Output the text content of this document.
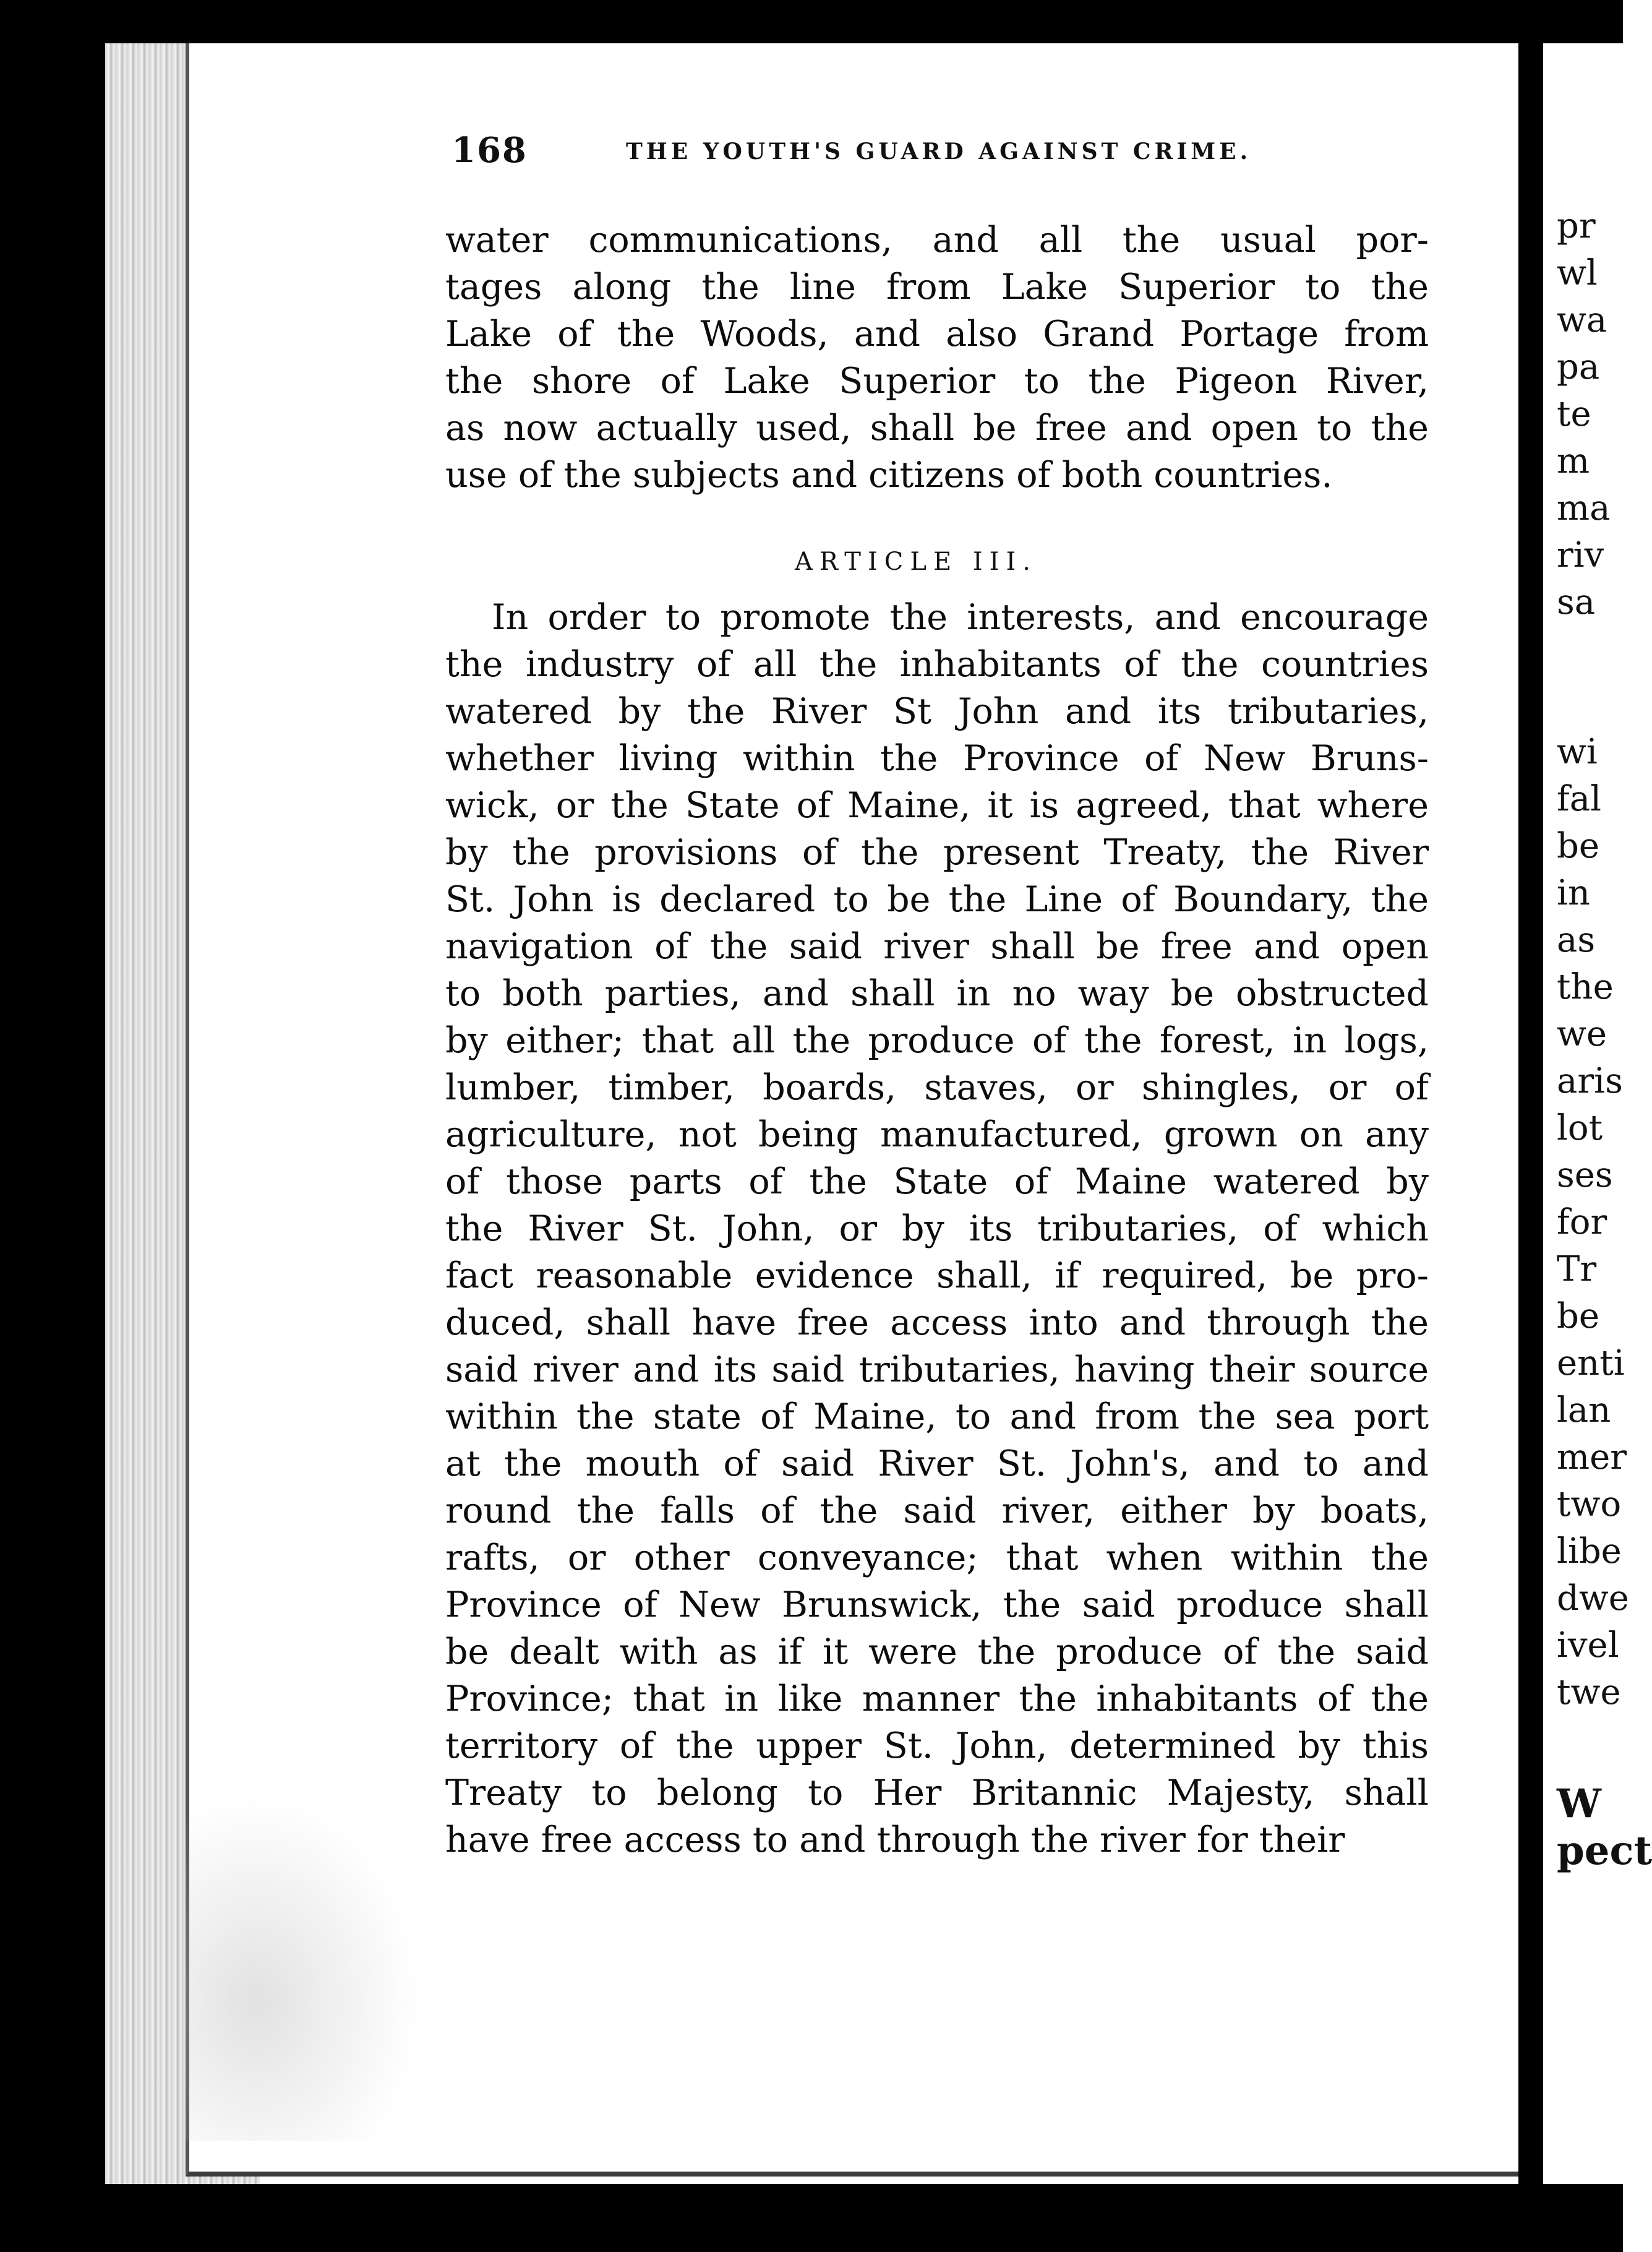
168	THE YOUTH'S GUARD AGAINST CRIME.
water communications, and all the usual por-
tages along the line from Lake Superior to the
Lake of the Woods, and also Grand Portage from
the shore of Lake Superior to the Pigeon River,
as now actually used, shall be free and open to the
use of the subjects and citizens of both countries.
In order to promote the interests, and encourage
the industry of all the inhabitants of the countries
watered by the River St John and its tributaries,
whether living within the Province of New Bruns-
wick, or the State of Maine, it is agreed, that where
by the provisions of the present Treaty, the River
St. John is declared to be the Line of Boundary, the
navigation of the said river shall be free and open
to both parties, and shall in no way be obstructed
by either; that all the produce of the forest, in logs,
lumber, timber, boards, staves, or shingles, or of
agriculture, not being manufactured, grown on any
of those parts of the State of Maine watered by
the River St. John, or by its tributaries, of which
fact reasonable evidence shall, if required, be pro-
duced, shall have free access into and through the
said river and its said tributaries, having their source
within the state of Maine, to and from the sea port
at the mouth of said River St. John's, and to and
round the falls of the said river, either by boats,
rafts, or other conveyance; that when within the
Province of New Brunswick, the said produce shall
be dealt with as if it were the produce of the said
Province; that in like manner the inhabitants of the
territory of the upper St. John, determined by this
Treaty to belong to Her Britannic Majesty, shall
have free access to and through the river for their
ARTICLE III.
pr
wl
wa
pa
te
m
ma
riv
sa
wi
fal
be
in
as
the
we
aris
lot
ses
for
Tr
be
enti
lan
mer
two
libe
dwe
ivel
twe
W
pect
